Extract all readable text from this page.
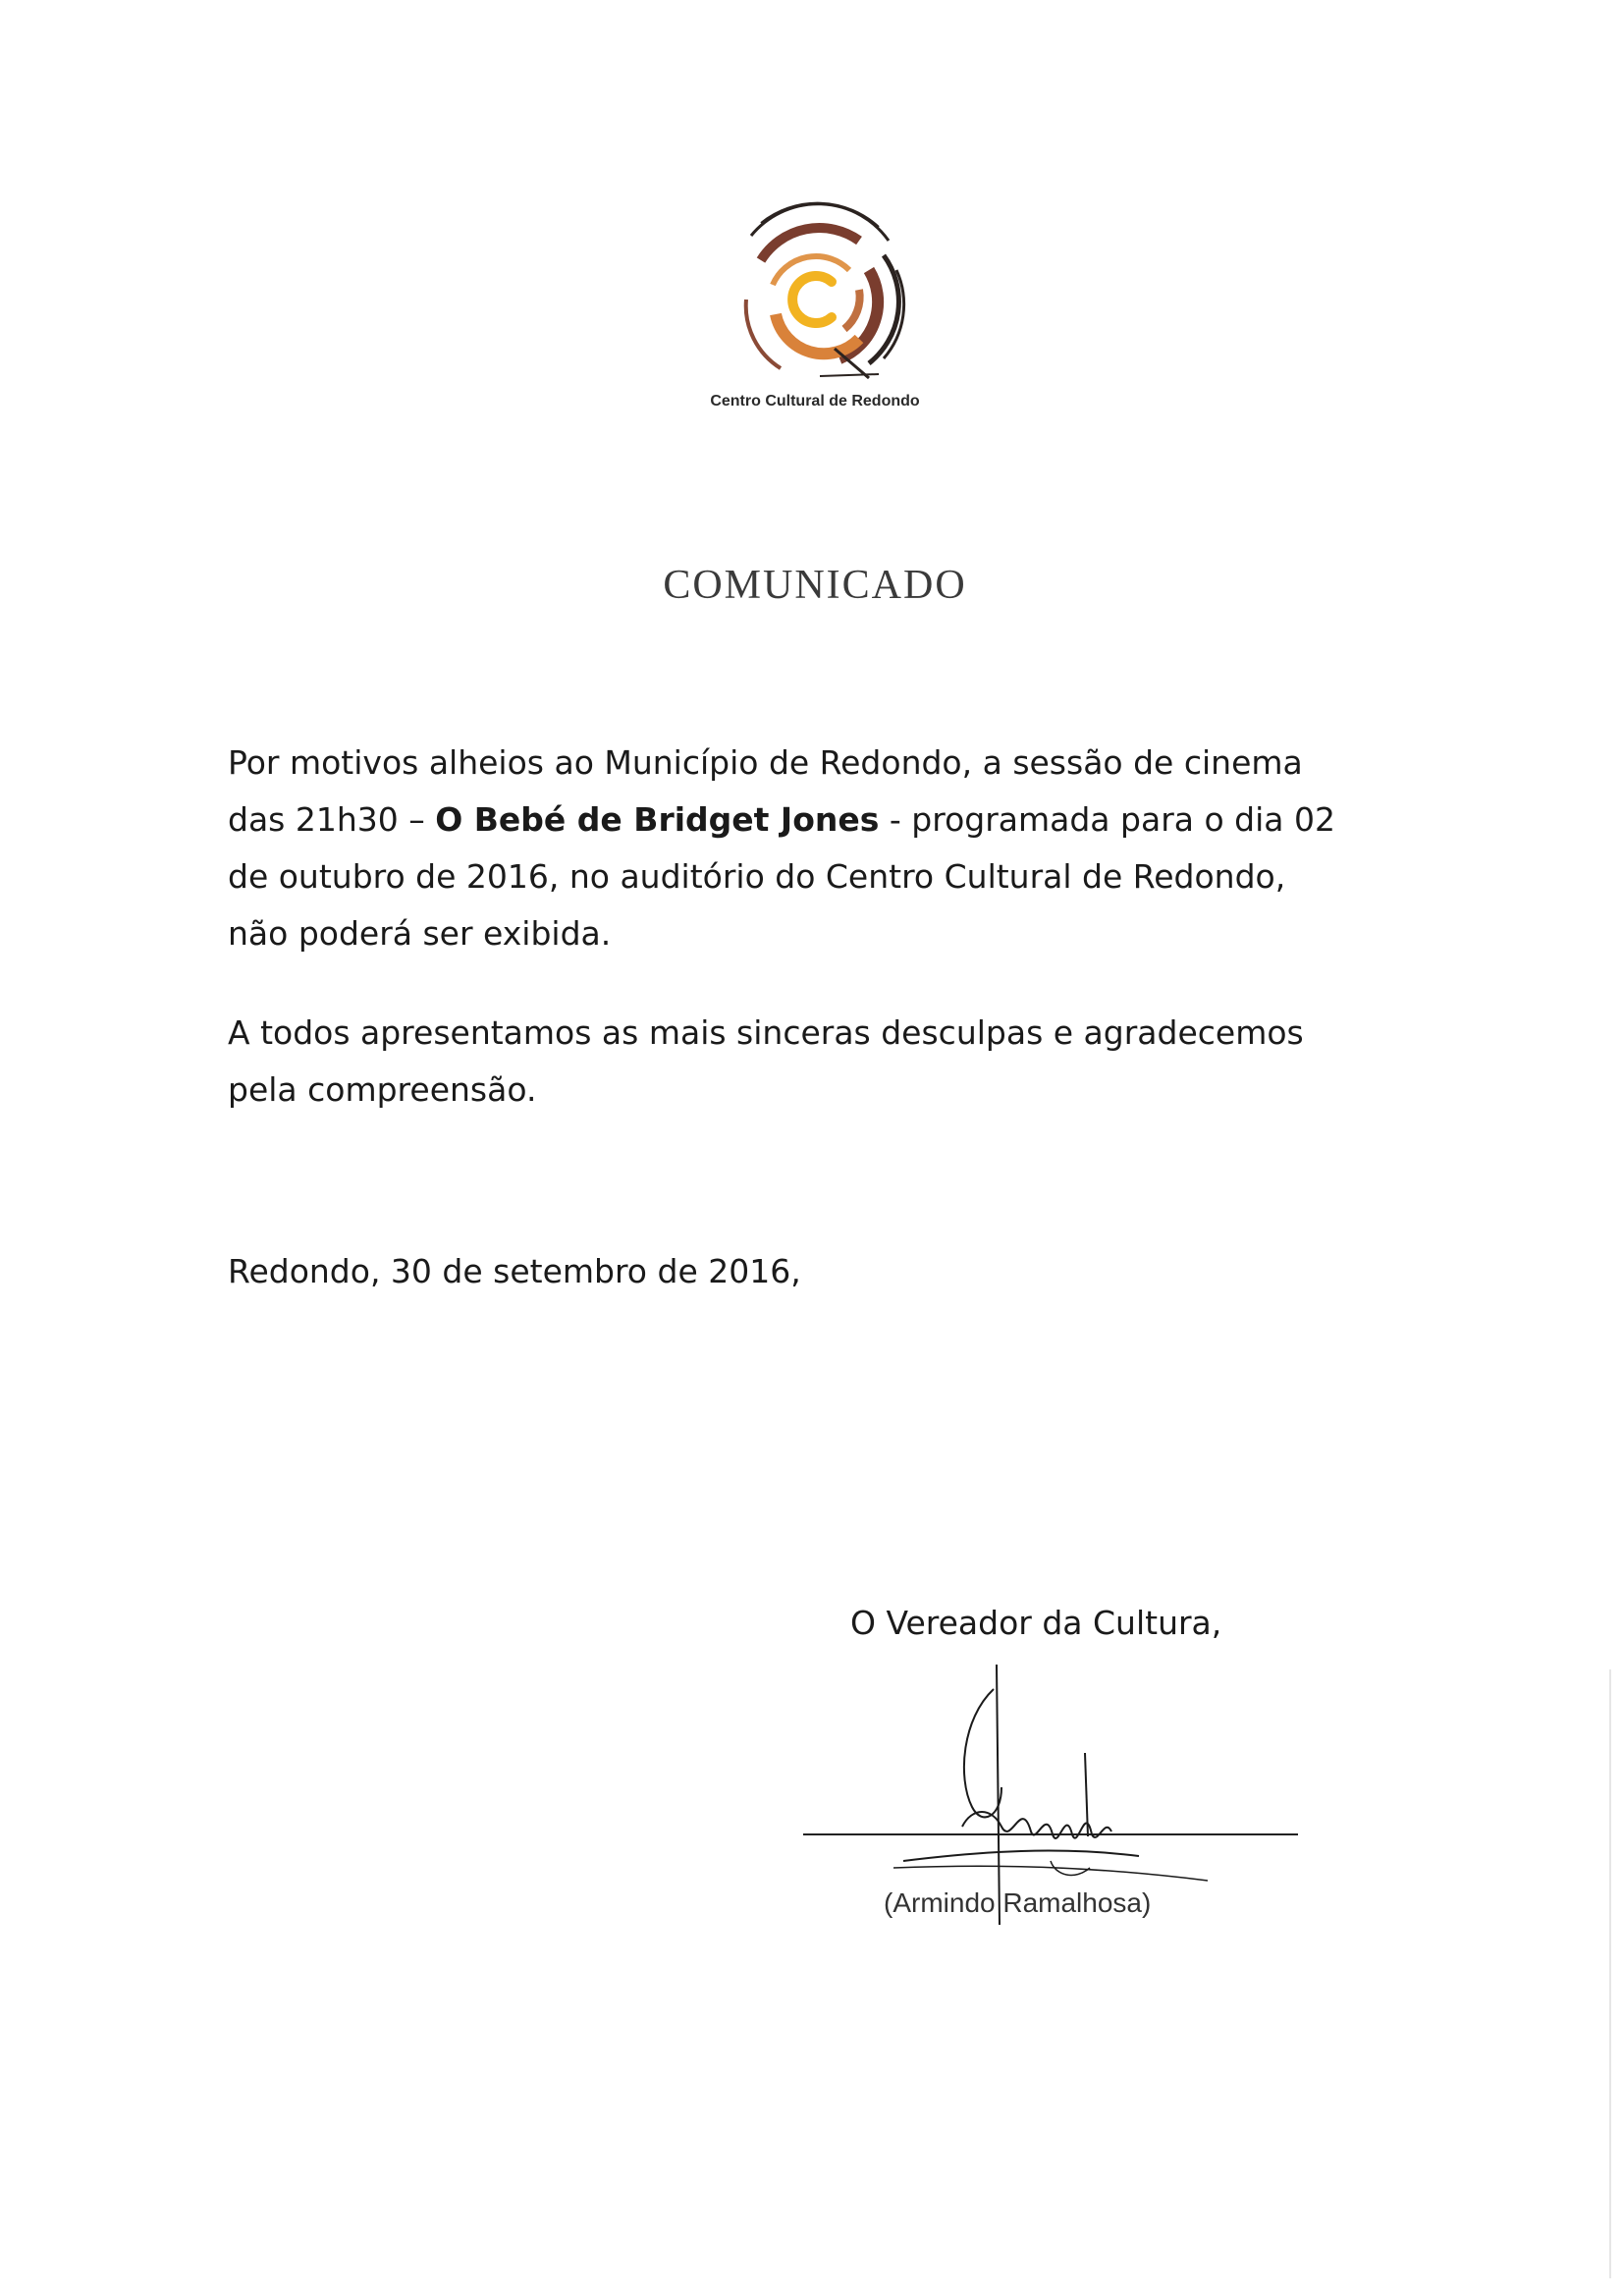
Centro Cultural de Redondo
COMUNICADO
Por motivos alheios ao Município de Redondo, a sessão de cinema
das 21h30 – O Bebé de Bridget Jones - programada para o dia 02
de outubro de 2016, no auditório do Centro Cultural de Redondo,
não poderá ser exibida.
A todos apresentamos as mais sinceras desculpas e agradecemos
pela compreensão.
Redondo, 30 de setembro de 2016,
O Vereador da Cultura,
(Armindo Ramalhosa)
